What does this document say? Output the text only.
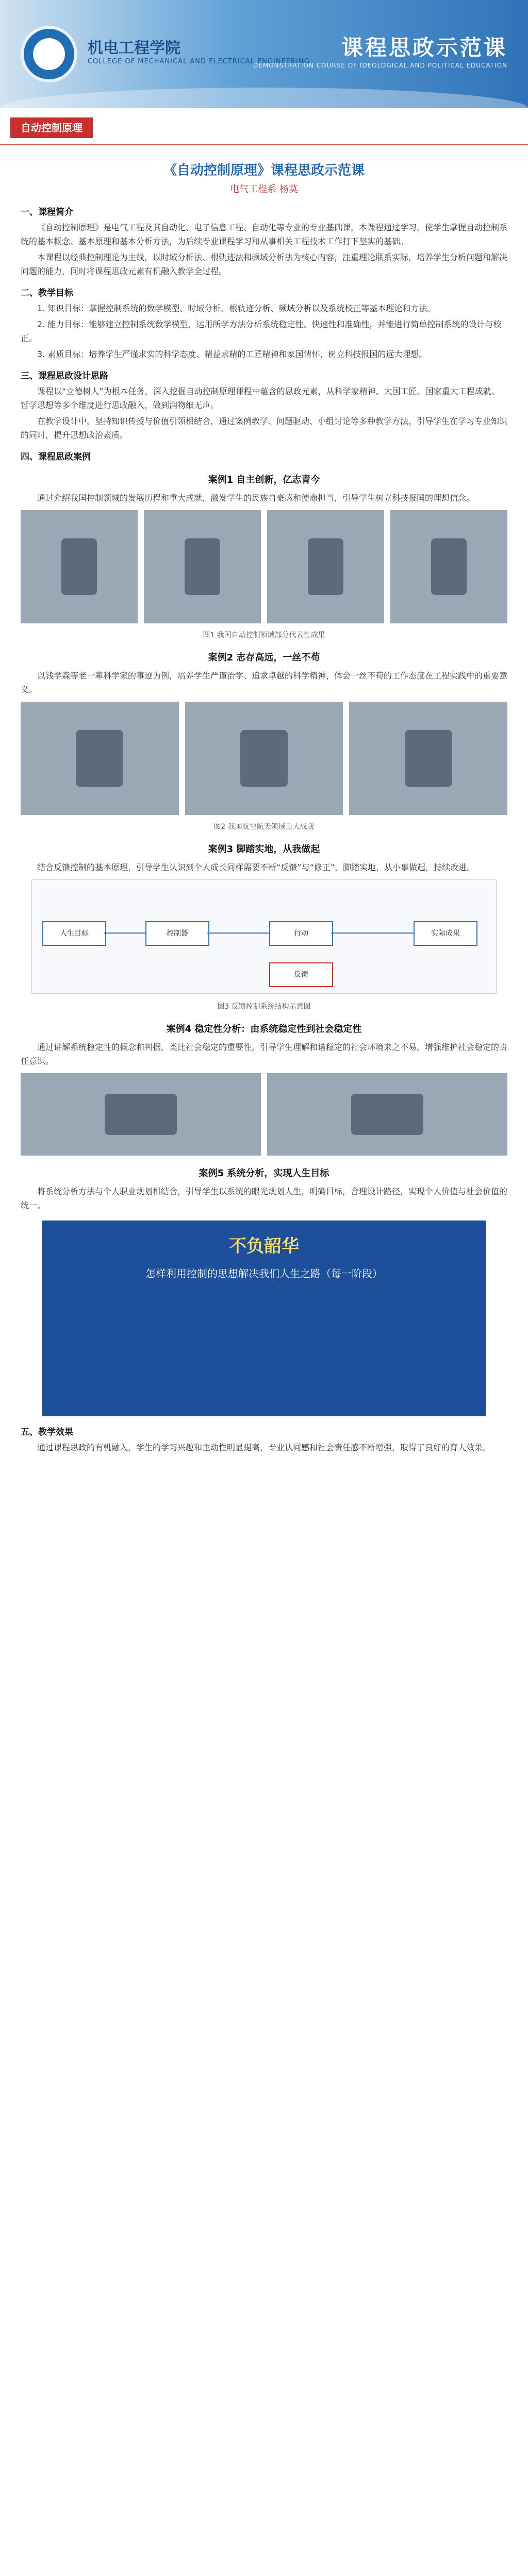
机电工程学院
COLLEGE OF MECHANICAL AND ELECTRICAL ENGINEERING
课程思政示范课
DEMONSTRATION COURSE OF IDEOLOGICAL AND POLITICAL EDUCATION
自动控制原理
《自动控制原理》课程思政示范课
电气工程系 杨莫
一、课程简介
《自动控制原理》是电气工程及其自动化、电子信息工程、自动化等专业的专业基础课，本课程通过学习，使学生掌握自动控制系统的基本概念、基本原理和基本分析方法，为后续专业课程学习和从事相关工程技术工作打下坚实的基础。
本课程以经典控制理论为主线，以时域分析法、根轨迹法和频域分析法为核心内容，注重理论联系实际，培养学生分析问题和解决问题的能力，同时将课程思政元素有机融入教学全过程。
二、教学目标
1. 知识目标：掌握控制系统的数学模型、时域分析、根轨迹分析、频域分析以及系统校正等基本理论和方法。
2. 能力目标：能够建立控制系统数学模型，运用所学方法分析系统稳定性、快速性和准确性，并能进行简单控制系统的设计与校正。
3. 素质目标：培养学生严谨求实的科学态度、精益求精的工匠精神和家国情怀，树立科技报国的远大理想。
三、课程思政设计思路
课程以“立德树人”为根本任务，深入挖掘自动控制原理课程中蕴含的思政元素，从科学家精神、大国工匠、国家重大工程成就、哲学思想等多个维度进行思政融入，做到润物细无声。
在教学设计中，坚持知识传授与价值引领相结合，通过案例教学、问题驱动、小组讨论等多种教学方法，引导学生在学习专业知识的同时，提升思想政治素质。
四、课程思政案例
案例1 自主创新，亿志青今
通过介绍我国控制领域的发展历程和重大成就，激发学生的民族自豪感和使命担当，引导学生树立科技报国的理想信念。
图1 我国自动控制领域部分代表性成果
案例2 志存高远，一丝不苟
以钱学森等老一辈科学家的事迹为例，培养学生严谨治学、追求卓越的科学精神，体会一丝不苟的工作态度在工程实践中的重要意义。
图2 我国航空航天领域重大成就
案例3 脚踏实地，从我做起
结合反馈控制的基本原理，引导学生认识到个人成长同样需要不断“反馈”与“修正”，脚踏实地，从小事做起，持续改进。
人生目标	控制器	行动	实际成果
反馈
图3 反馈控制系统结构示意图
案例4 稳定性分析：由系统稳定性到社会稳定性
通过讲解系统稳定性的概念和判据，类比社会稳定的重要性，引导学生理解和谐稳定的社会环境来之不易，增强维护社会稳定的责任意识。
案例5 系统分析，实现人生目标
将系统分析方法与个人职业规划相结合，引导学生以系统的眼光规划人生，明确目标，合理设计路径，实现个人价值与社会价值的统一。
不负韶华
怎样利用控制的思想解决我们人生之路（每一阶段）
五、教学效果
通过课程思政的有机融入，学生的学习兴趣和主动性明显提高，专业认同感和社会责任感不断增强，取得了良好的育人效果。
